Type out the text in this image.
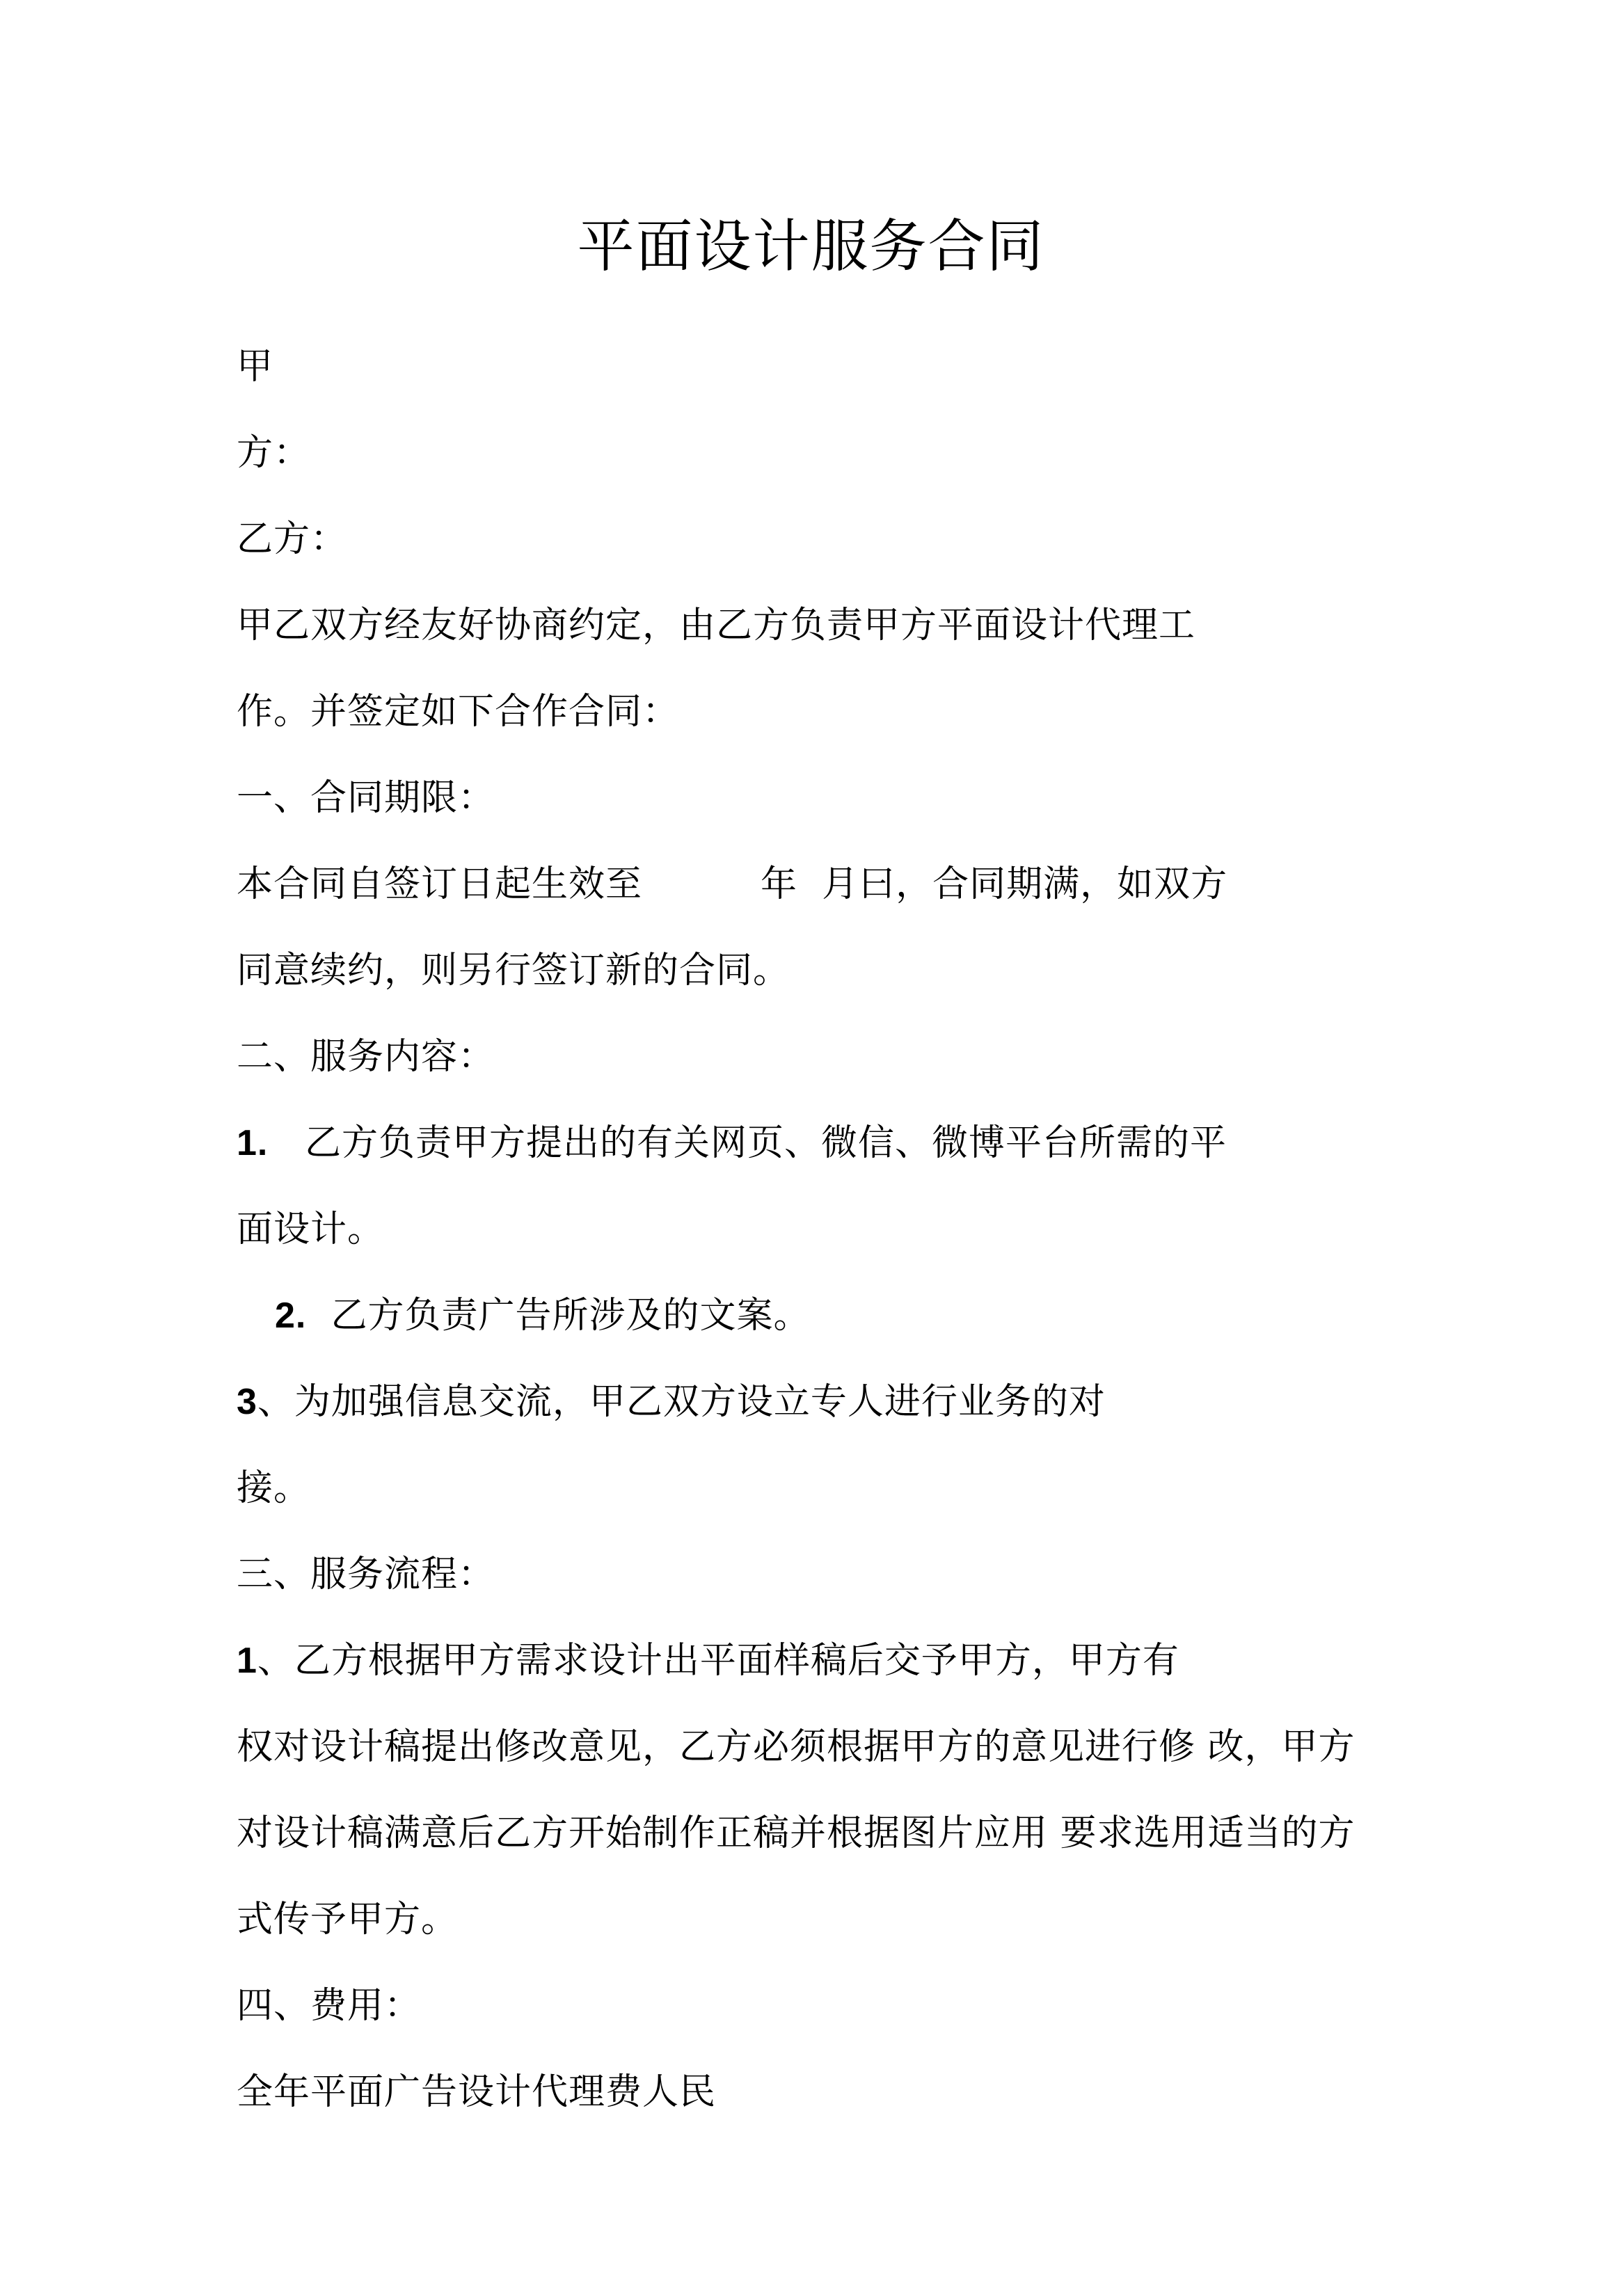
平面设计服务合同
甲
方：
乙方：
甲乙双方经友好协商约定，由乙方负责甲方平面设计代理工
作。并签定如下合作合同：
一、合同期限：
本合同自签订日起生效至	年  月曰，合同期满，如双方
同意续约，则另行签订新的合同。
二、服务内容：
1. 乙方负责甲方提出的有关网页、微信、微博平台所需的平
面设计。
2. 乙方负责广告所涉及的文案。
3、为加强信息交流，甲乙双方设立专人进行业务的对
接。
三、服务流程：
1、乙方根据甲方需求设计出平面样稿后交予甲方，甲方有
权对设计稿提出修改意见，乙方必须根据甲方的意见进行修 改，甲方
对设计稿满意后乙方开始制作正稿并根据图片应用 要求选用适当的方
式传予甲方。
四、费用：
全年平面广告设计代理费人民
